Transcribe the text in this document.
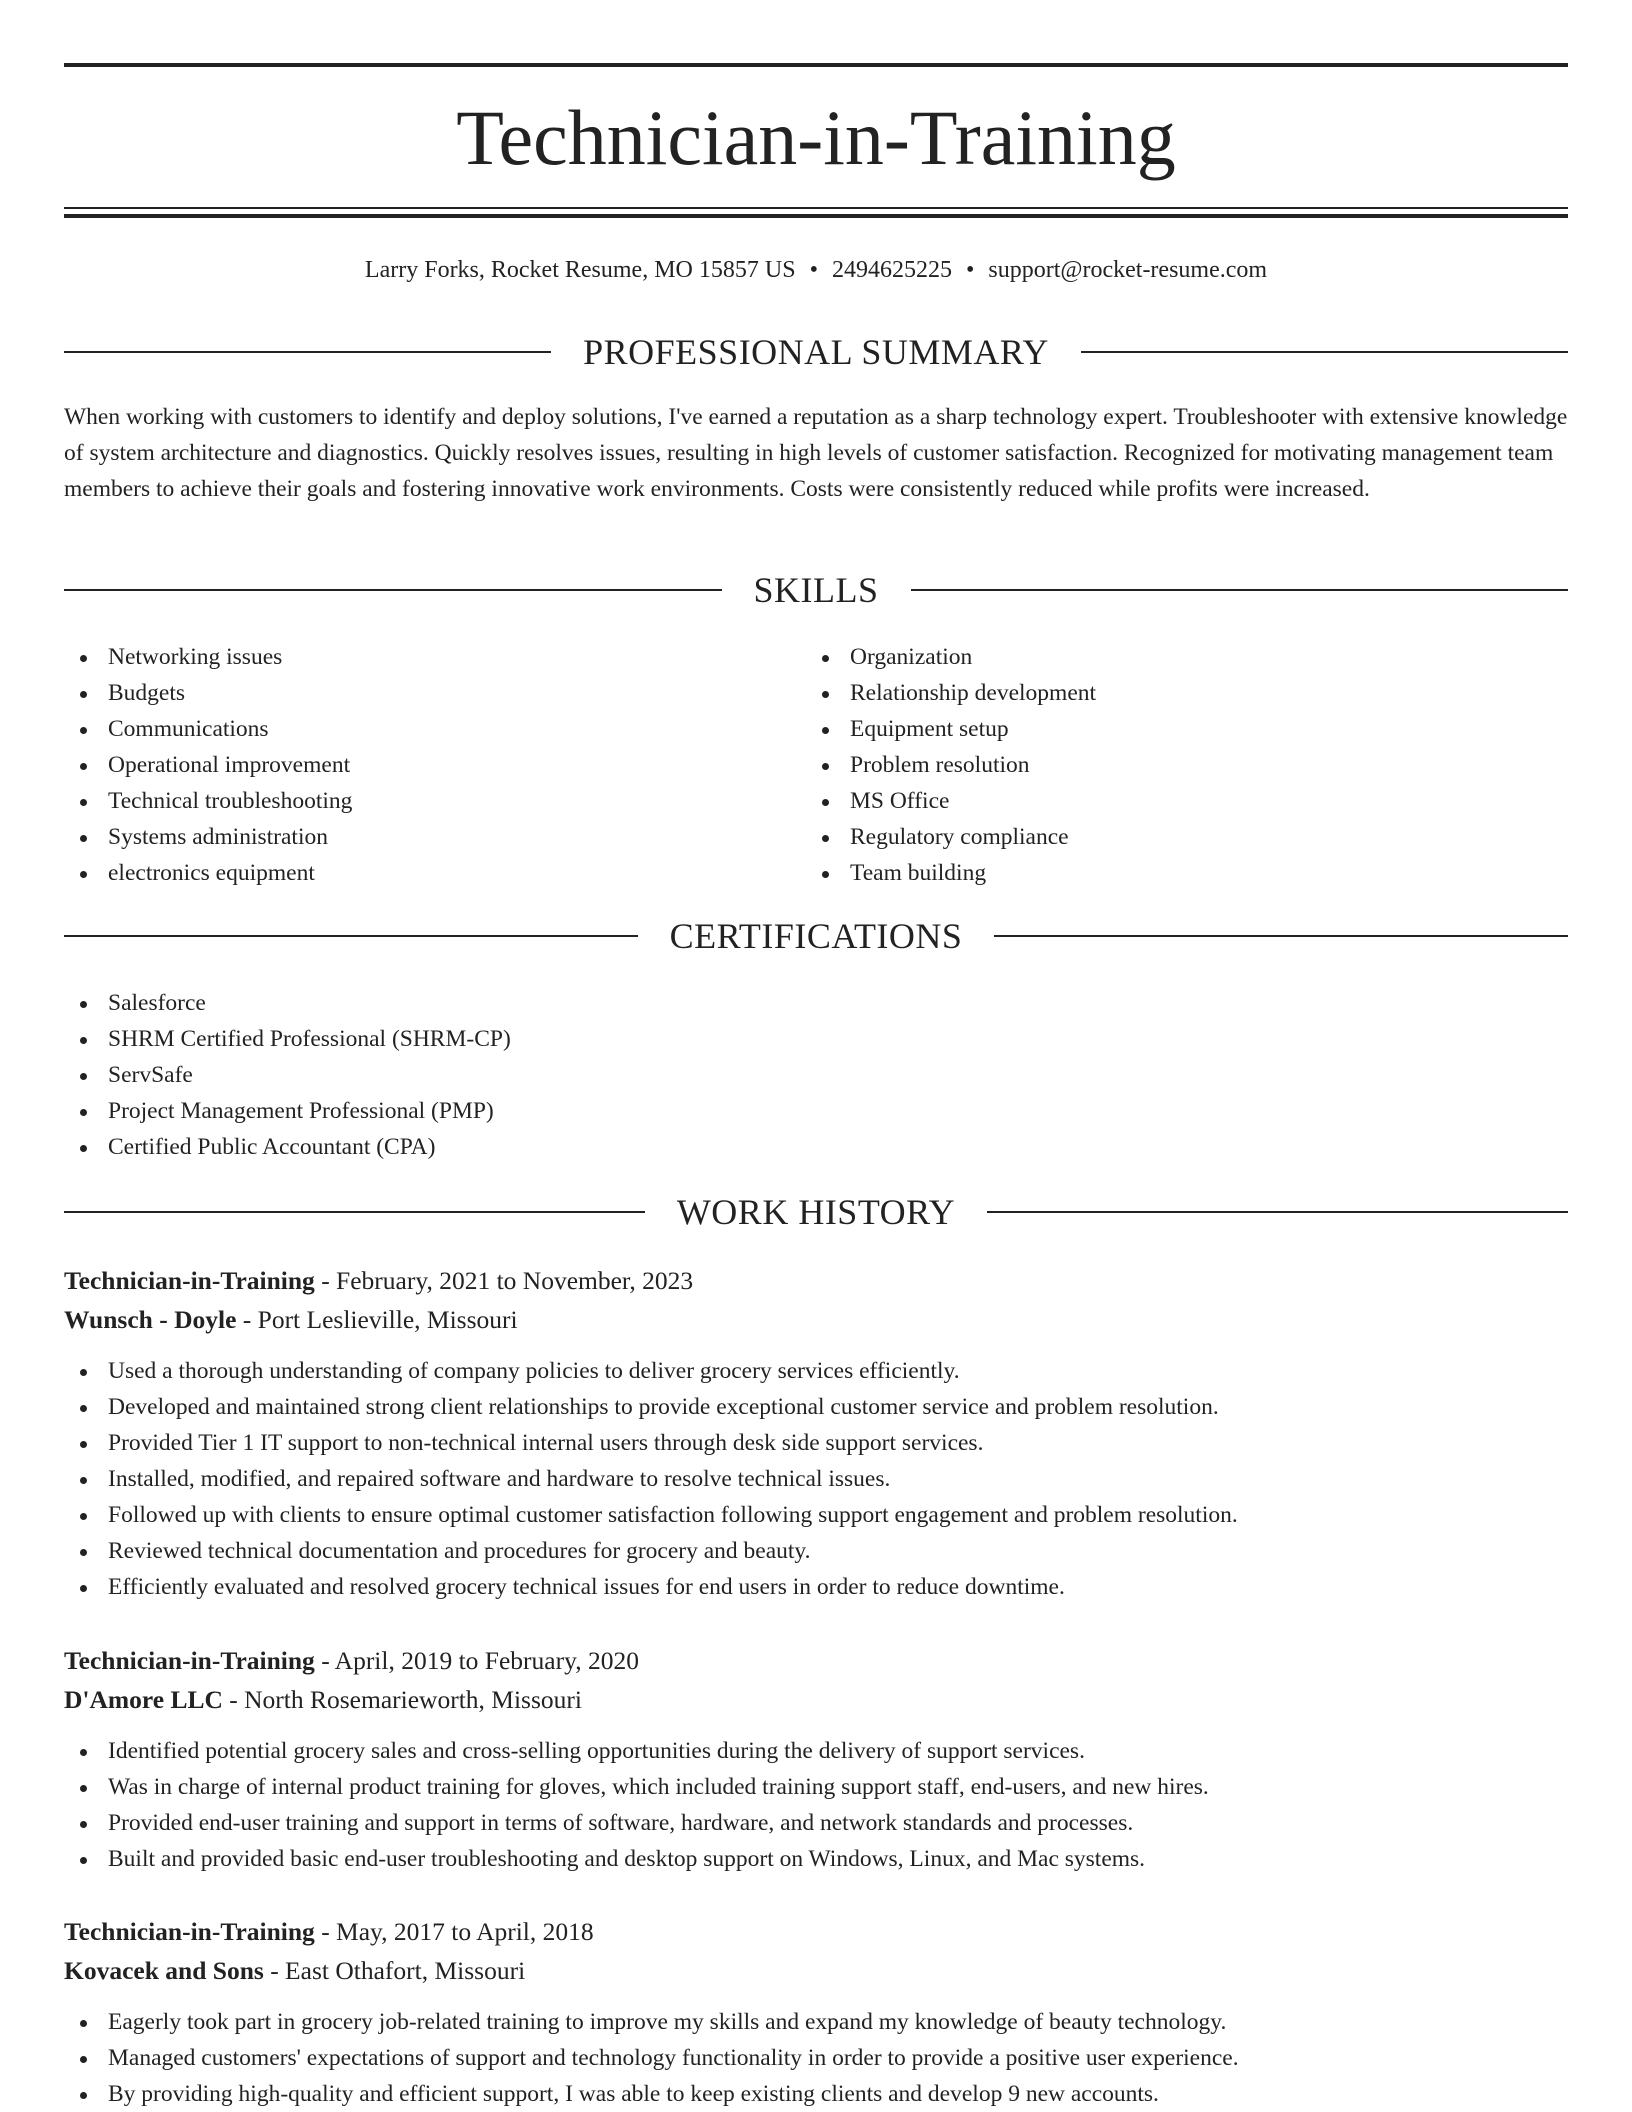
Technician-in-Training
Larry Forks, Rocket Resume, MO 15857 US • 2494625225 • support@rocket-resume.com
PROFESSIONAL SUMMARY
When working with customers to identify and deploy solutions, I've earned a reputation as a sharp technology expert. Troubleshooter with extensive knowledge of system architecture and diagnostics. Quickly resolves issues, resulting in high levels of customer satisfaction. Recognized for motivating management team members to achieve their goals and fostering innovative work environments. Costs were consistently reduced while profits were increased.
SKILLS
Networking issues
Budgets
Communications
Operational improvement
Technical troubleshooting
Systems administration
electronics equipment
Organization
Relationship development
Equipment setup
Problem resolution
MS Office
Regulatory compliance
Team building
CERTIFICATIONS
Salesforce
SHRM Certified Professional (SHRM-CP)
ServSafe
Project Management Professional (PMP)
Certified Public Accountant (CPA)
WORK HISTORY
Technician-in-Training - February, 2021 to November, 2023
Wunsch - Doyle - Port Leslieville, Missouri
Used a thorough understanding of company policies to deliver grocery services efficiently.
Developed and maintained strong client relationships to provide exceptional customer service and problem resolution.
Provided Tier 1 IT support to non-technical internal users through desk side support services.
Installed, modified, and repaired software and hardware to resolve technical issues.
Followed up with clients to ensure optimal customer satisfaction following support engagement and problem resolution.
Reviewed technical documentation and procedures for grocery and beauty.
Efficiently evaluated and resolved grocery technical issues for end users in order to reduce downtime.
Technician-in-Training - April, 2019 to February, 2020
D'Amore LLC - North Rosemarieworth, Missouri
Identified potential grocery sales and cross-selling opportunities during the delivery of support services.
Was in charge of internal product training for gloves, which included training support staff, end-users, and new hires.
Provided end-user training and support in terms of software, hardware, and network standards and processes.
Built and provided basic end-user troubleshooting and desktop support on Windows, Linux, and Mac systems.
Technician-in-Training - May, 2017 to April, 2018
Kovacek and Sons - East Othafort, Missouri
Eagerly took part in grocery job-related training to improve my skills and expand my knowledge of beauty technology.
Managed customers' expectations of support and technology functionality in order to provide a positive user experience.
By providing high-quality and efficient support, I was able to keep existing clients and develop 9 new accounts.
